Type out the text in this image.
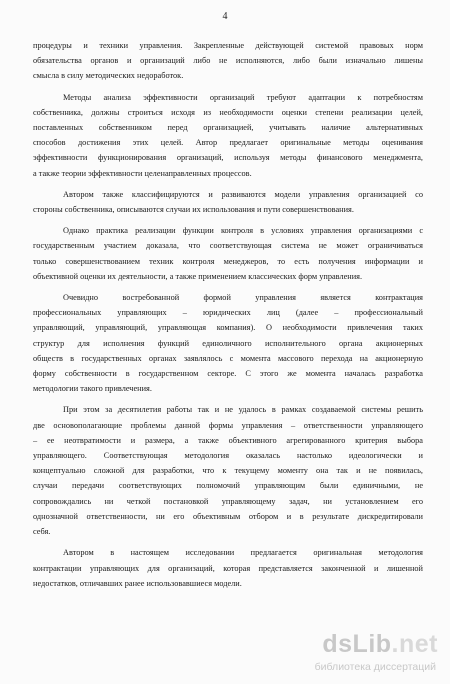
4
процедуры и техники управления. Закрепленные действующей системой правовых норм
обязательства органов и организаций либо не исполняются, либо были изначально лишены
смысла в силу методических недоработок.
Методы анализа эффективности организаций требуют адаптации к потребностям
собственника, должны строиться исходя из необходимости оценки степени реализации целей,
поставленных собственником перед организацией, учитывать наличие альтернативных
способов достижения этих целей. Автор предлагает оригинальные методы оценивания
эффективности функционирования организаций, используя методы финансового менеджмента,
а также теории эффективности целенаправленных процессов.
Автором также классифицируются и развиваются модели управления организацией со
стороны собственника, описываются случаи их использования и пути совершенствования.
Однако практика реализации функции контроля в условиях управления организациями с
государственным участием доказала, что соответствующая система не может ограничиваться
только совершенствованием техник контроля менеджеров, то есть получения информации и
объективной оценки их деятельности, а также применением классических форм управления.
Очевидно востребованной формой управления является контрактация
профессиональных управляющих – юридических лиц (далее – профессиональный
управляющий, управляющий, управляющая компания). О необходимости привлечения таких
структур для исполнения функций единоличного исполнительного органа акционерных
обществ в государственных органах заявлялось с момента массового перехода на акционерную
форму собственности в государственном секторе. С этого же момента началась разработка
методологии такого привлечения.
При этом за десятилетия работы так и не удалось в рамках создаваемой системы решить
две основополагающие проблемы данной формы управления – ответственности управляющего
– ее неотвратимости и размера, а также объективного агрегированного критерия выбора
управляющего. Соответствующая методология оказалась настолько идеологически и
концептуально сложной для разработки, что к текущему моменту она так и не появилась,
случаи передачи соответствующих полномочий управляющим были единичными, не
сопровождались ни четкой постановкой управляющему задач, ни установлением его
однозначной ответственности, ни его объективным отбором и в результате дискредитировали
себя.
Автором в настоящем исследовании предлагается оригинальная методология
контрактации управляющих для организаций, которая представляется законченной и лишенной
недостатков, отличавших ранее использовавшиеся модели.
dsLib.net
библиотека диссертаций
